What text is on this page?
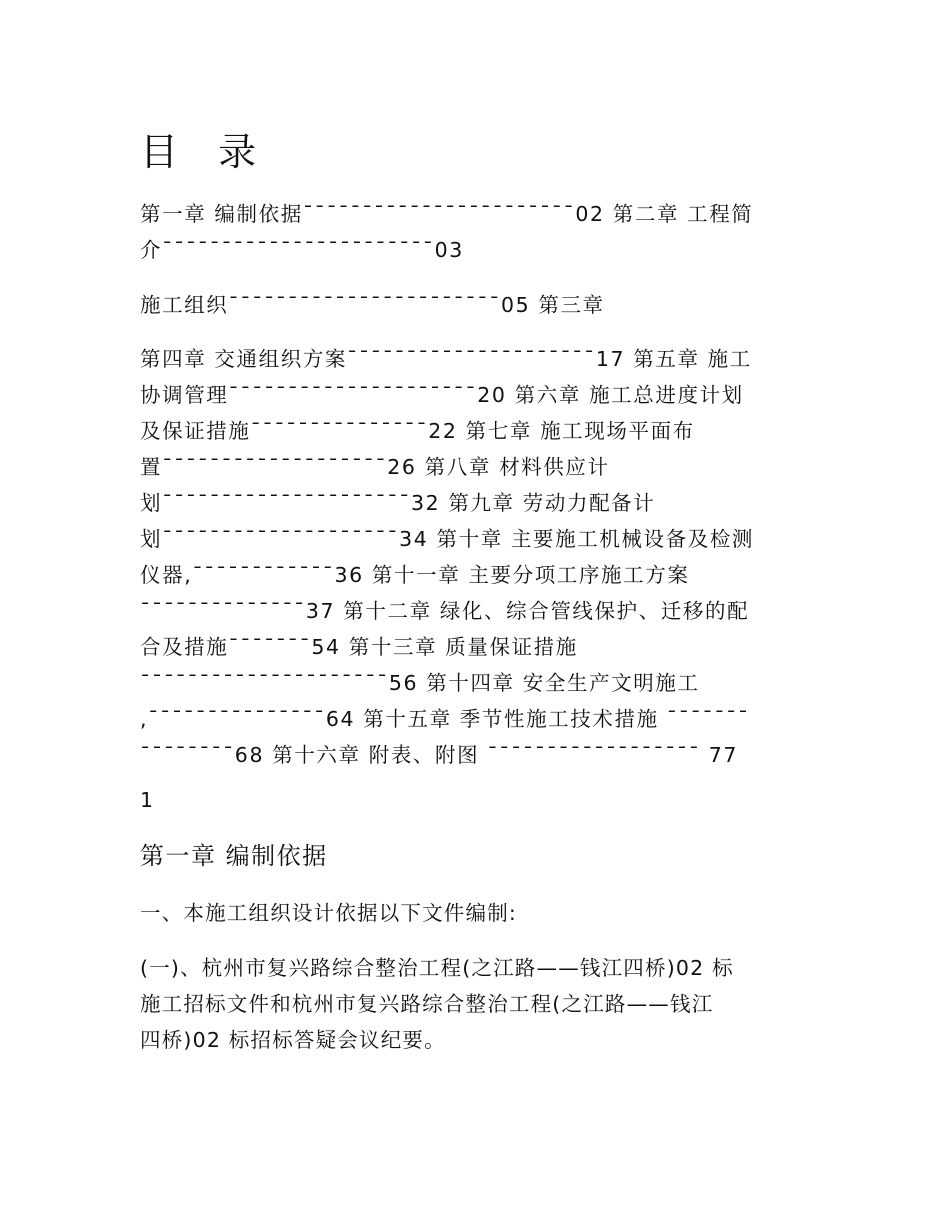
目 录
第一章 编制依据¯¯¯¯¯¯¯¯¯¯¯¯¯¯¯¯¯¯¯¯¯¯¯02 第二章 工程简
介¯¯¯¯¯¯¯¯¯¯¯¯¯¯¯¯¯¯¯¯¯¯¯03
施工组织¯¯¯¯¯¯¯¯¯¯¯¯¯¯¯¯¯¯¯¯¯¯¯05 第三章
第四章 交通组织方案¯¯¯¯¯¯¯¯¯¯¯¯¯¯¯¯¯¯¯¯¯17 第五章 施工
协调管理¯¯¯¯¯¯¯¯¯¯¯¯¯¯¯¯¯¯¯¯¯20 第六章 施工总进度计划
及保证措施¯¯¯¯¯¯¯¯¯¯¯¯¯¯¯22 第七章 施工现场平面布
置¯¯¯¯¯¯¯¯¯¯¯¯¯¯¯¯¯¯¯26 第八章 材料供应计
划¯¯¯¯¯¯¯¯¯¯¯¯¯¯¯¯¯¯¯¯¯32 第九章 劳动力配备计
划¯¯¯¯¯¯¯¯¯¯¯¯¯¯¯¯¯¯¯¯34 第十章 主要施工机械设备及检测
仪器,¯¯¯¯¯¯¯¯¯¯¯¯36 第十一章 主要分项工序施工方案
¯¯¯¯¯¯¯¯¯¯¯¯¯¯37 第十二章 绿化、综合管线保护、迁移的配
合及措施¯¯¯¯¯¯¯54 第十三章 质量保证措施
¯¯¯¯¯¯¯¯¯¯¯¯¯¯¯¯¯¯¯¯¯56 第十四章 安全生产文明施工
,¯¯¯¯¯¯¯¯¯¯¯¯¯¯¯64 第十五章 季节性施工技术措施 ¯¯¯¯¯¯¯
¯¯¯¯¯¯¯¯68 第十六章 附表、附图 ¯¯¯¯¯¯¯¯¯¯¯¯¯¯¯¯¯¯ 77
1
第一章 编制依据
一、本施工组织设计依据以下文件编制:
(一)、杭州市复兴路综合整治工程(之江路——钱江四桥)02 标
施工招标文件和杭州市复兴路综合整治工程(之江路——钱江
四桥)02 标招标答疑会议纪要。
